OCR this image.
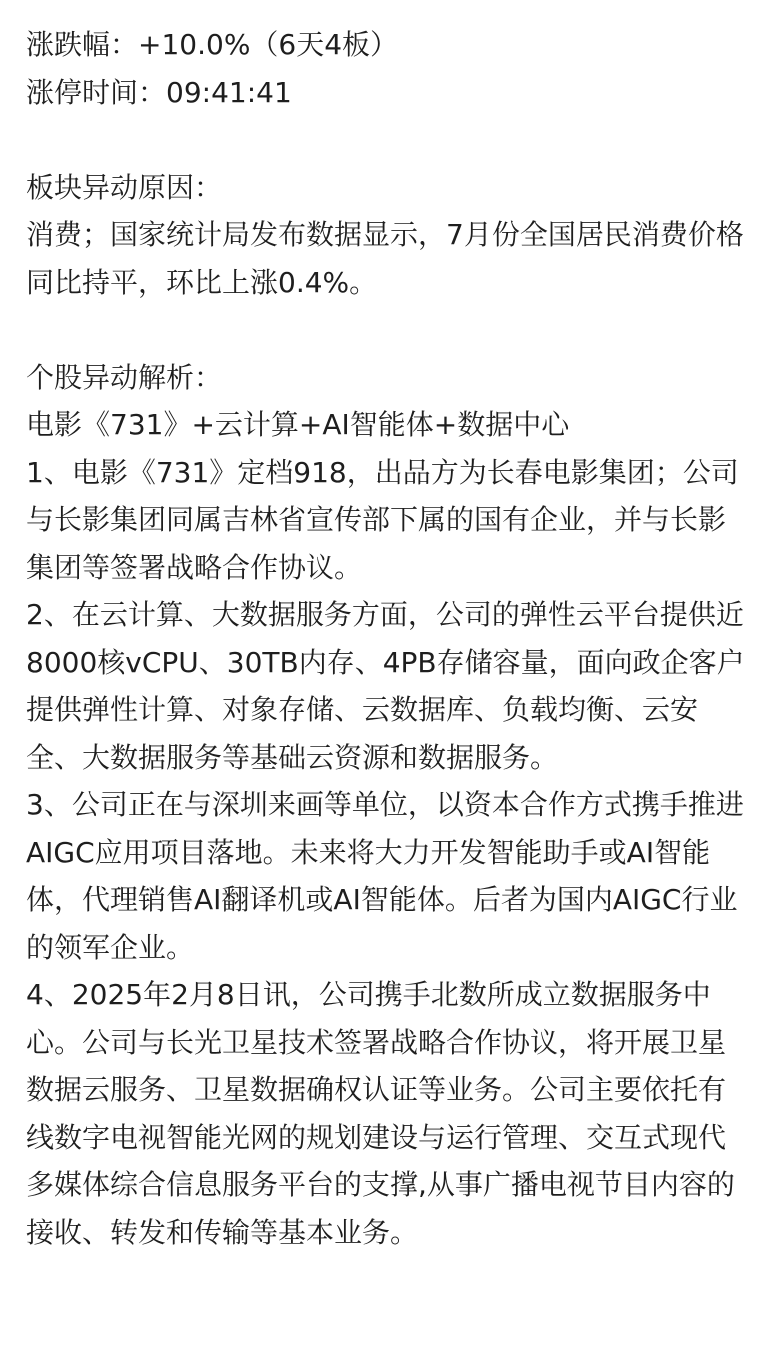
涨跌幅：+10.0%（6天4板）
涨停时间：09:41:41
板块异动原因：
消费；国家统计局发布数据显示，7月份全国居民消费价格同比持平，环比上涨0.4%。
个股异动解析：
电影《731》+云计算+AI智能体+数据中心
1、电影《731》定档918，出品方为长春电影集团；公司与长影集团同属吉林省宣传部下属的国有企业，并与长影集团等签署战略合作协议。
2、在云计算、大数据服务方面，公司的弹性云平台提供近8000核vCPU、30TB内存、4PB存储容量，面向政企客户提供弹性计算、对象存储、云数据库、负载均衡、云安全、大数据服务等基础云资源和数据服务。
3、公司正在与深圳来画等单位，以资本合作方式携手推进AIGC应用项目落地。未来将大力开发智能助手或AI智能体，代理销售AI翻译机或AI智能体。后者为国内AIGC行业的领军企业。
4、2025年2月8日讯，公司携手北数所成立数据服务中心。公司与长光卫星技术签署战略合作协议，将开展卫星数据云服务、卫星数据确权认证等业务。公司主要依托有线数字电视智能光网的规划建设与运行管理、交互式现代多媒体综合信息服务平台的支撑,从事广播电视节目内容的接收、转发和传输等基本业务。
